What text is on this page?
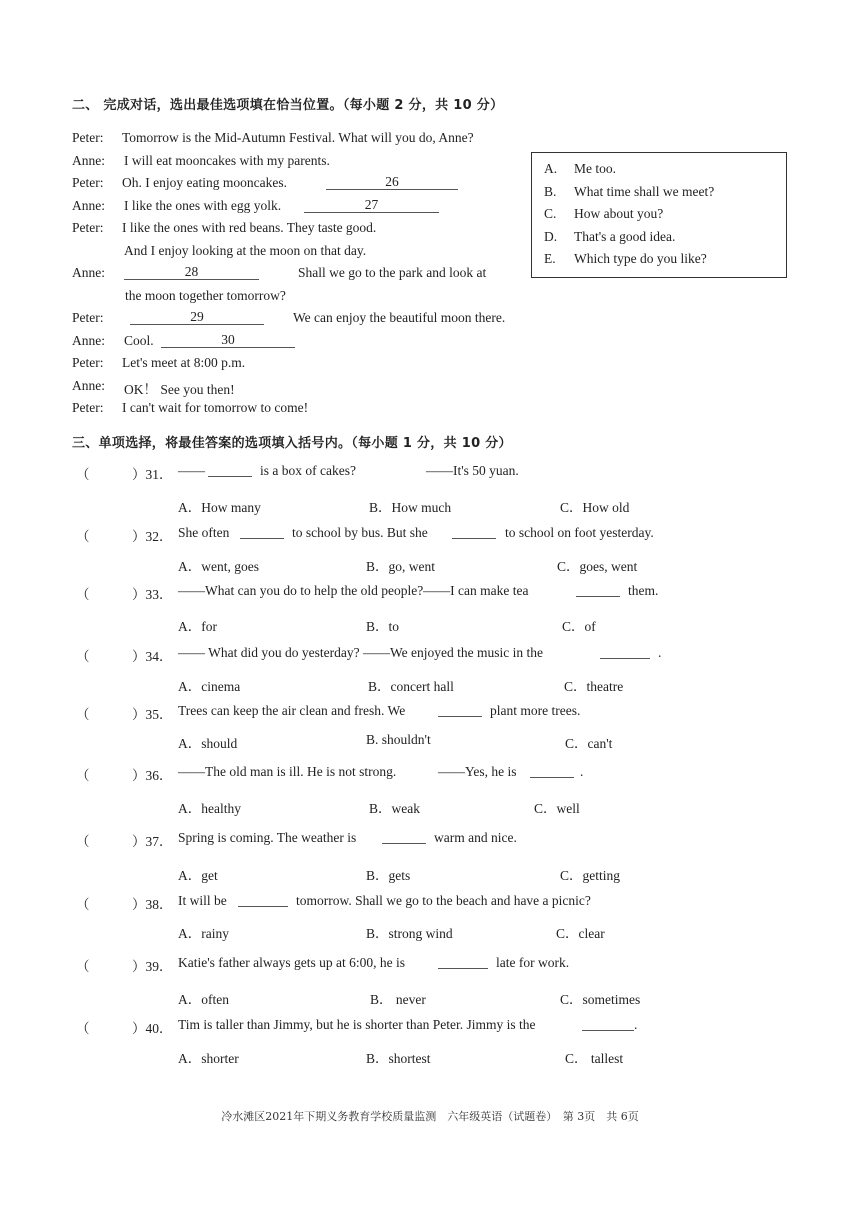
二、 完成对话，选出最佳选项填在恰当位置。（每小题 2 分，共 10 分）
Peter: Tomorrow is the Mid-Autumn Festival. What will you do, Anne?
Anne: I will eat mooncakes with my parents.
Peter: Oh. I enjoy eating mooncakes.	26
Anne: I like the ones with egg yolk.	27
Peter: I like the ones with red beans. They taste good.
And I enjoy looking at the moon on that day.
Anne:	28	Shall we go to the park and look at
the moon together tomorrow?
Peter:	29	We can enjoy the beautiful moon there.
Anne: Cool.	30
Peter: Let's meet at 8:00 p.m.
Anne: OK！ See you then!
Peter: I can't wait for tomorrow to come!
A. Me too.
B. What time shall we meet?
C. How about you?
D. That's a good idea.
E. Which type do you like?
三、单项选择，将最佳答案的选项填入括号内。（每小题 1 分，共 10 分）
（	）31． ——	is a box of cakes?	——It's 50 yuan.
A．How many	B．How much	C．How old
（	）32． She often	to school by bus. But she	to school on foot yesterday.
A．went, goes	B．go, went	C．goes, went
（	）33． ——What can you do to help the old people?——I can make tea	them.
A．for	B．to	C．of
（	）34． —— What did you do yesterday? ——We enjoyed the music in the	.
A．cinema	B．concert hall	C．theatre
（	）35． Trees can keep the air clean and fresh. We	plant more trees.
A．should	B. shouldn't	C．can't
（	）36． ——The old man is ill. He is not strong.	——Yes, he is	.
A．healthy	B．weak	C．well
（	）37． Spring is coming. The weather is	warm and nice.
A．get	B．gets	C．getting
（	）38． It will be	tomorrow. Shall we go to the beach and have a picnic?
A．rainy	B．strong wind	C．clear
（	）39． Katie's father always gets up at 6:00, he is	late for work.
A．often	B． never	C．sometimes
（	）40． Tim is taller than Jimmy, but he is shorter than Peter. Jimmy is the	.
A．shorter	B．shortest	C． tallest
冷水滩区2021年下期义务教育学校质量监测　六年级英语（试题卷）　第 3页　共 6页
